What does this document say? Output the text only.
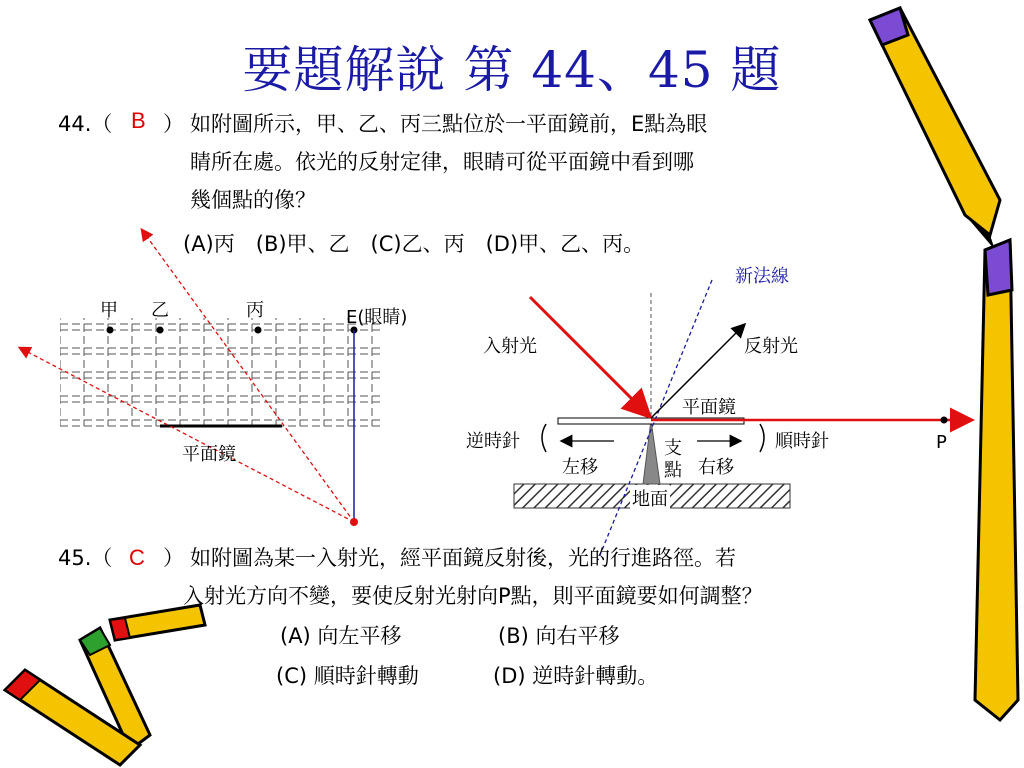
要題解說 第 44、45 題
44.（ B ） 如附圖所示，甲、乙、丙三點位於一平面鏡前，E點為眼
睛所在處。依光的反射定律，眼睛可從平面鏡中看到哪
幾個點的像？
(A)丙　(B)甲、乙　(C)乙、丙　(D)甲、乙、丙。
甲 乙	丙	E(眼睛)
平面鏡
新法線
入射光	反射光
平面鏡
逆時針	順時針
左移	右移
支
點
地面
P
45.（ C ） 如附圖為某一入射光，經平面鏡反射後，光的行進路徑。若
入射光方向不變，要使反射光射向P點，則平面鏡要如何調整？
(A) 向左平移	(B) 向右平移
(C) 順時針轉動	(D) 逆時針轉動。
